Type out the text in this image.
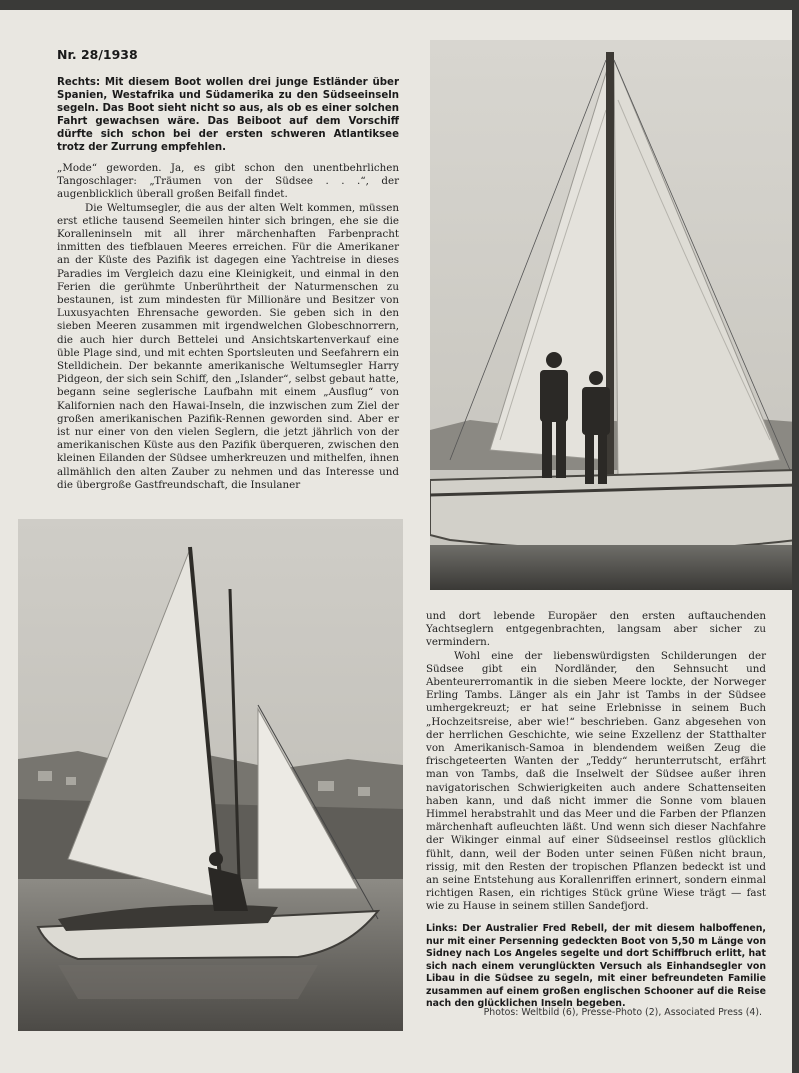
Nr. 28/1938

Rechts: Mit diesem Boot wollen drei junge Estländer über Spanien, Westafrika und Südamerika zu den Südseeinseln segeln. Das Boot sieht nicht so aus, als ob es einer solchen Fahrt gewachsen wäre. Das Beiboot auf dem Vorschiff dürfte sich schon bei der ersten schweren Atlantiksee trotz der Zurrung empfehlen.

„Mode“ geworden. Ja, es gibt schon den unentbehrlichen Tangoschlager: „Träumen von der Südsee . . .“, der augenblicklich überall großen Beifall findet.

Die Weltumsegler, die aus der alten Welt kommen, müssen erst etliche tausend Seemeilen hinter sich bringen, ehe sie die Koralleninseln mit all ihrer märchenhaften Farbenpracht inmitten des tiefblauen Meeres erreichen. Für die Amerikaner an der Küste des Pazifik ist dagegen eine Yachtreise in dieses Paradies im Vergleich dazu eine Kleinigkeit, und einmal in den Ferien die gerühmte Unberührtheit der Naturmenschen zu bestaunen, ist zum mindesten für Millionäre und Besitzer von Luxusyachten Ehrensache geworden. Sie geben sich in den sieben Meeren zusammen mit irgendwelchen Globeschnorrern, die auch hier durch Bettelei und Ansichtskartenverkauf eine üble Plage sind, und mit echten Sportsleuten und Seefahrern ein Stelldichein. Der bekannte amerikanische Weltumsegler Harry Pidgeon, der sich sein Schiff, den „Islander“, selbst gebaut hatte, begann seine seglerische Laufbahn mit einem „Ausflug“ von Kalifornien nach den Hawai-Inseln, die inzwischen zum Ziel der großen amerikanischen Pazifik-Rennen geworden sind. Aber er ist nur einer von den vielen Seglern, die jetzt jährlich von der amerikanischen Küste aus den Pazifik überqueren, zwischen den kleinen Eilanden der Südsee umherkreuzen und mithelfen, ihnen allmählich den alten Zauber zu nehmen und das Interesse und die übergroße Gastfreundschaft, die Insulaner

und dort lebende Europäer den ersten auftauchenden Yachtseglern entgegenbrachten, langsam aber sicher zu vermindern.

Wohl eine der liebenswürdigsten Schilderungen der Südsee gibt ein Nordländer, den Sehnsucht und Abenteurerromantik in die sieben Meere lockte, der Norweger Erling Tambs. Länger als ein Jahr ist Tambs in der Südsee umhergekreuzt; er hat seine Erlebnisse in seinem Buch „Hochzeitsreise, aber wie!“ beschrieben. Ganz abgesehen von der herrlichen Geschichte, wie seine Exzellenz der Statthalter von Amerikanisch-Samoa in blendendem weißen Zeug die frischgeteerten Wanten der „Teddy“ herunterrutscht, erfährt man von Tambs, daß die Inselwelt der Südsee außer ihren navigatorischen Schwierigkeiten auch andere Schattenseiten haben kann, und daß nicht immer die Sonne vom blauen Himmel herabstrahlt und das Meer und die Farben der Pflanzen märchenhaft aufleuchten läßt. Und wenn sich dieser Nachfahre der Wikinger einmal auf einer Südseeinsel restlos glücklich fühlt, dann, weil der Boden unter seinen Füßen nicht braun, rissig, mit den Resten der tropischen Pflanzen bedeckt ist und an seine Entstehung aus Korallenriffen erinnert, sondern einmal richtigen Rasen, ein richtiges Stück grüne Wiese trägt — fast wie zu Hause in seinem stillen Sandefjord.

Links: Der Australier Fred Rebell, der mit diesem halboffenen, nur mit einer Persenning gedeckten Boot von 5,50 m Länge von Sidney nach Los Angeles segelte und dort Schiffbruch erlitt, hat sich nach einem verunglückten Versuch als Einhandsegler von Libau in die Südsee zu segeln, mit einer befreundeten Familie zusammen auf einem großen englischen Schooner auf die Reise nach den glücklichen Inseln begeben.

Photos: Weltbild (6), Presse-Photo (2), Associated Press (4).
